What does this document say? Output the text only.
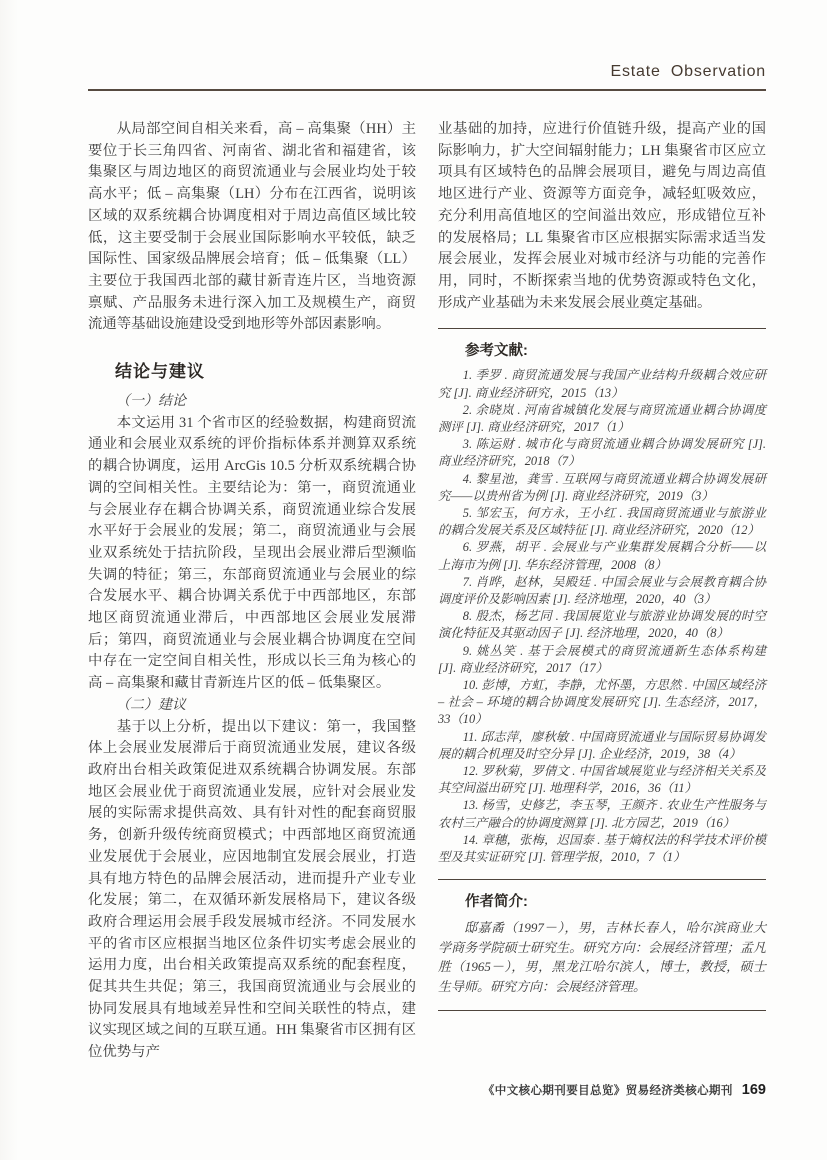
Estate Observation

从局部空间自相关来看，高 – 高集聚（HH）主要位于长三角四省、河南省、湖北省和福建省，该集聚区与周边地区的商贸流通业与会展业均处于较高水平；低 – 高集聚（LH）分布在江西省，说明该区域的双系统耦合协调度相对于周边高值区域比较低，这主要受制于会展业国际影响水平较低，缺乏国际性、国家级品牌展会培育；低 – 低集聚（LL）主要位于我国西北部的藏甘新青连片区，当地资源禀赋、产品服务未进行深入加工及规模生产，商贸流通等基础设施建设受到地形等外部因素影响。

结论与建议

（一）结论

本文运用 31 个省市区的经验数据，构建商贸流通业和会展业双系统的评价指标体系并测算双系统的耦合协调度，运用 ArcGis 10.5 分析双系统耦合协调的空间相关性。主要结论为：第一，商贸流通业与会展业存在耦合协调关系，商贸流通业综合发展水平好于会展业的发展；第二，商贸流通业与会展业双系统处于拮抗阶段，呈现出会展业滞后型濒临失调的特征；第三，东部商贸流通业与会展业的综合发展水平、耦合协调关系优于中西部地区，东部地区商贸流通业滞后，中西部地区会展业发展滞后；第四，商贸流通业与会展业耦合协调度在空间中存在一定空间自相关性，形成以长三角为核心的高 – 高集聚和藏甘青新连片区的低 – 低集聚区。

（二）建议

基于以上分析，提出以下建议：第一，我国整体上会展业发展滞后于商贸流通业发展，建议各级政府出台相关政策促进双系统耦合协调发展。东部地区会展业优于商贸流通业发展，应针对会展业发展的实际需求提供高效、具有针对性的配套商贸服务，创新升级传统商贸模式；中西部地区商贸流通业发展优于会展业，应因地制宜发展会展业，打造具有地方特色的品牌会展活动，进而提升产业专业化发展；第二，在双循环新发展格局下，建议各级政府合理运用会展手段发展城市经济。不同发展水平的省市区应根据当地区位条件切实考虑会展业的运用力度，出台相关政策提高双系统的配套程度，促其共生共促；第三，我国商贸流通业与会展业的协同发展具有地域差异性和空间关联性的特点，建议实现区域之间的互联互通。HH 集聚省市区拥有区位优势与产

业基础的加持，应进行价值链升级，提高产业的国际影响力，扩大空间辐射能力；LH 集聚省市区应立项具有区域特色的品牌会展项目，避免与周边高值地区进行产业、资源等方面竞争，减轻虹吸效应，充分利用高值地区的空间溢出效应，形成错位互补的发展格局；LL 集聚省市区应根据实际需求适当发展会展业，发挥会展业对城市经济与功能的完善作用，同时，不断探索当地的优势资源或特色文化，形成产业基础为未来发展会展业奠定基础。

参考文献:

1. 季罗 . 商贸流通发展与我国产业结构升级耦合效应研究 [J]. 商业经济研究，2015（13）

2. 余晓岚 . 河南省城镇化发展与商贸流通业耦合协调度测评 [J]. 商业经济研究，2017（1）

3. 陈运财 . 城市化与商贸流通业耦合协调发展研究 [J]. 商业经济研究，2018（7）

4. 黎星池，龚雪 . 互联网与商贸流通业耦合协调发展研究——以贵州省为例 [J]. 商业经济研究，2019（3）

5. 邹宏玉，何方永，王小红 . 我国商贸流通业与旅游业的耦合发展关系及区域特征 [J]. 商业经济研究，2020（12）

6. 罗燕，胡平 . 会展业与产业集群发展耦合分析——以上海市为例 [J]. 华东经济管理，2008（8）

7. 肖晔，赵林，吴殿廷 . 中国会展业与会展教育耦合协调度评价及影响因素 [J]. 经济地理，2020，40（3）

8. 殷杰，杨艺同 . 我国展览业与旅游业协调发展的时空演化特征及其驱动因子 [J]. 经济地理，2020，40（8）

9. 姚丛笑 . 基于会展模式的商贸流通新生态体系构建 [J]. 商业经济研究，2017（17）

10. 彭博，方虹，李静，尤怀墨，方思然 . 中国区域经济 – 社会 – 环境的耦合协调度发展研究 [J]. 生态经济，2017，33（10）

11. 邱志萍，廖秋敏 . 中国商贸流通业与国际贸易协调发展的耦合机理及时空分异 [J]. 企业经济，2019，38（4）

12. 罗秋菊，罗倩文 . 中国省域展览业与经济相关关系及其空间溢出研究 [J]. 地理科学，2016，36（11）

13. 杨雪，史修艺，李玉琴，王颜齐 . 农业生产性服务与农村三产融合的协调度测算 [J]. 北方园艺，2019（16）

14. 章穗，张梅，迟国泰 . 基于熵权法的科学技术评价模型及其实证研究 [J]. 管理学报，2010，7（1）

作者简介:

邸嘉矞（1997－），男，吉林长春人，哈尔滨商业大学商务学院硕士研究生。研究方向：会展经济管理；孟凡胜（1965－），男，黑龙江哈尔滨人，博士，教授，硕士生导师。研究方向：会展经济管理。

《中文核心期刊要目总览》贸易经济类核心期刊 169
